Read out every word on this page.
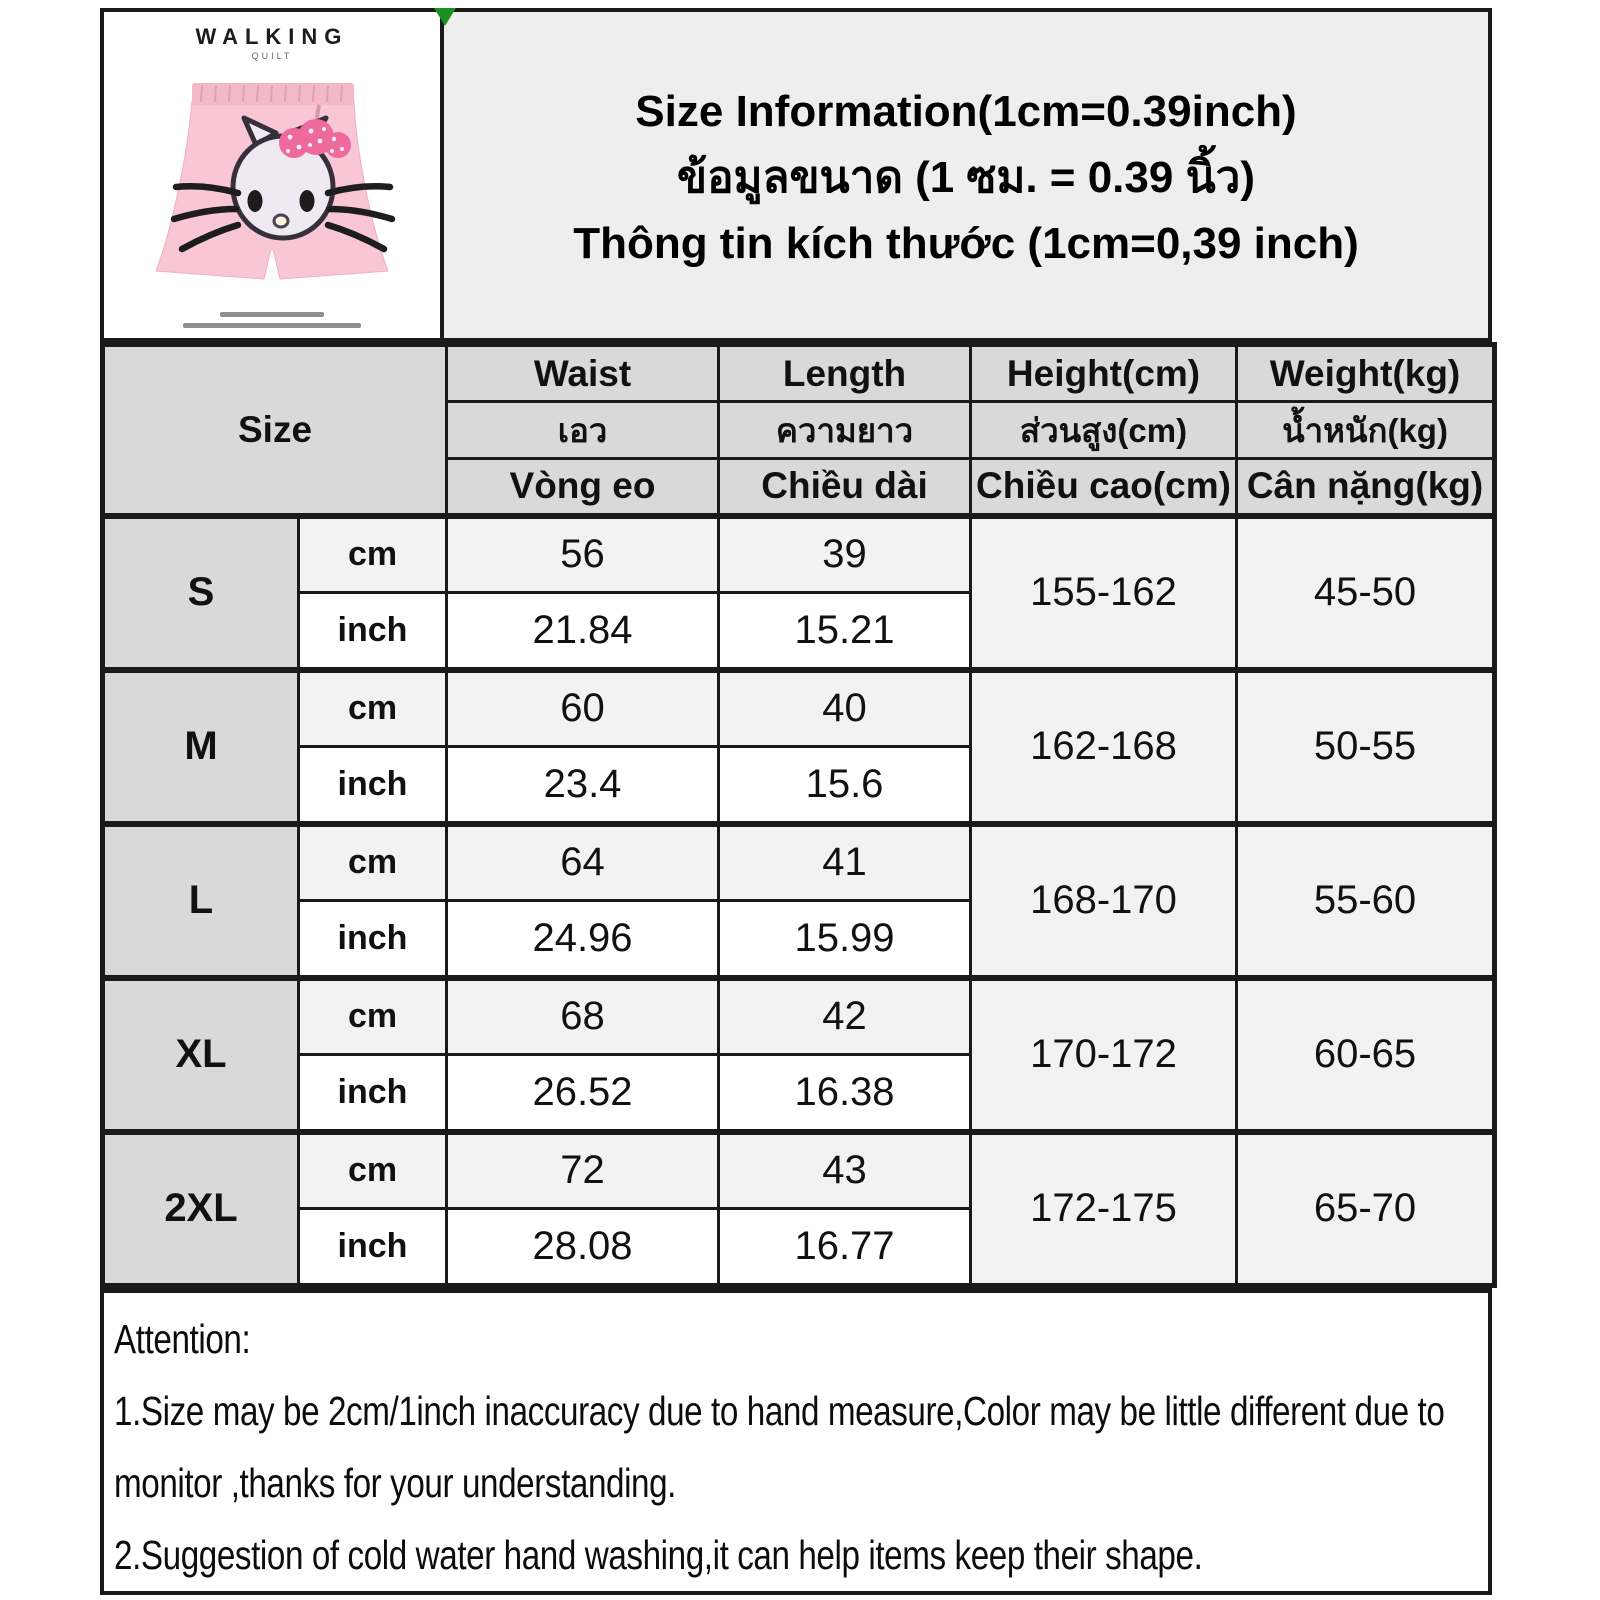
WALKING
QUILT
Size Information(1cm=0.39inch)
ข้อมูลขนาด (1 ซม. = 0.39 นิ้ว)
Thông tin kích thước (1cm=0,39 inch)
Size		Waist	Length	Height(cm)	Weight(kg)
		เอว	ความยาว	ส่วนสูง(cm)	น้ำหนัก(kg)
		Vòng eo	Chiều dài	Chiều cao(cm)	Cân nặng(kg)
S	cm	56	39	155-162	45-50
	inch	21.84	15.21		
M	cm	60	40	162-168	50-55
	inch	23.4	15.6		
L	cm	64	41	168-170	55-60
	inch	24.96	15.99		
XL	cm	68	42	170-172	60-65
	inch	26.52	16.38		
2XL	cm	72	43	172-175	65-70
	inch	28.08	16.77		
Attention:
1.Size may be 2cm/1inch inaccuracy due to hand measure,Color may be little different due to monitor ,thanks for your understanding.
2.Suggestion of cold water hand washing,it can help items keep their shape.
